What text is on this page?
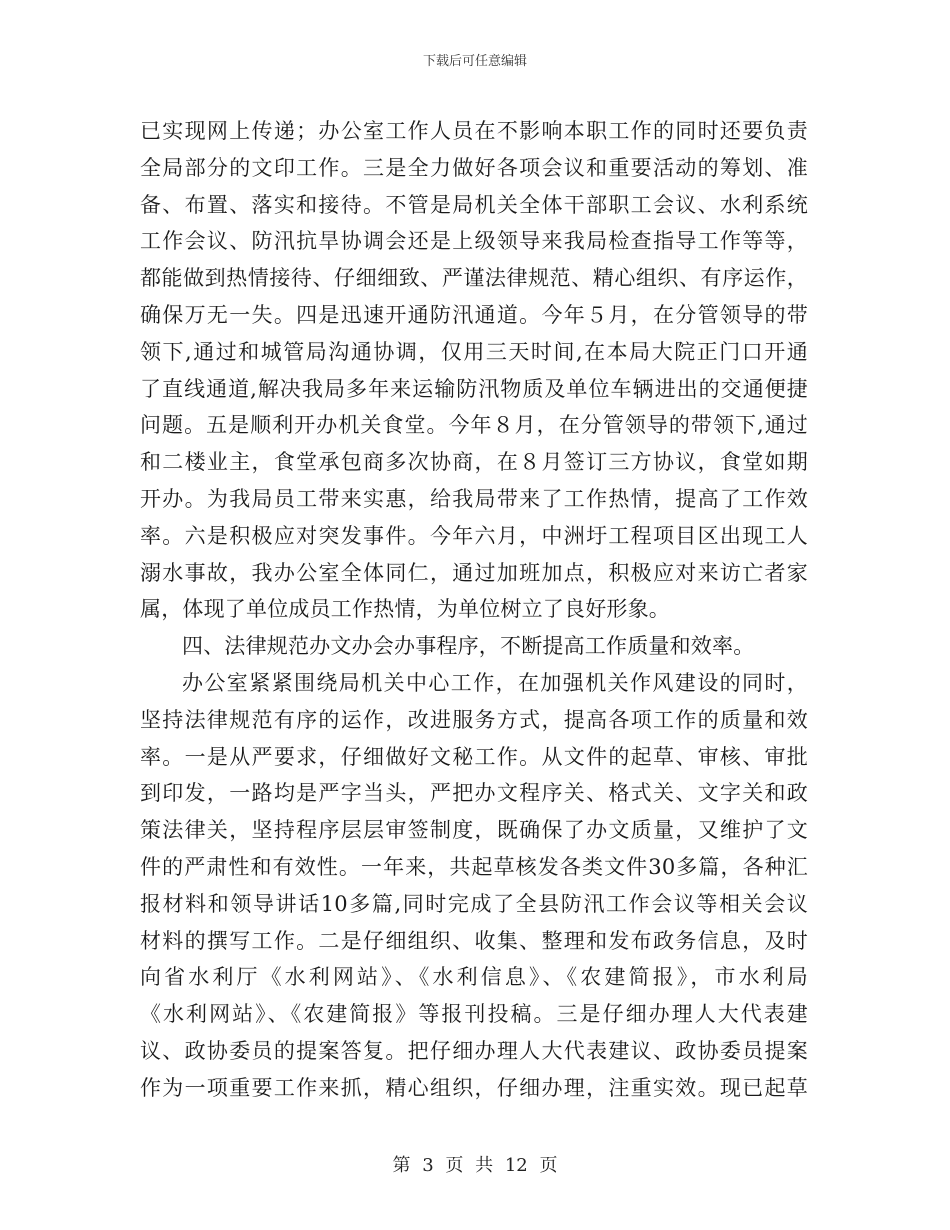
下载后可任意编辑
已实现网上传递；办公室工作人员在不影响本职工作的同时还要负责
全局部分的文印工作。三是全力做好各项会议和重要活动的筹划、准
备、布置、落实和接待。不管是局机关全体干部职工会议、水利系统
工作会议、防汛抗旱协调会还是上级领导来我局检查指导工作等等，
都能做到热情接待、仔细细致、严谨法律规范、精心组织、有序运作，
确保万无一失。四是迅速开通防汛通道。今年５月，在分管领导的带
领下,通过和城管局沟通协调，仅用三天时间,在本局大院正门口开通
了直线通道,解决我局多年来运输防汛物质及单位车辆进出的交通便捷
问题。五是顺利开办机关食堂。今年８月，在分管领导的带领下,通过
和二楼业主，食堂承包商多次协商，在８月签订三方协议，食堂如期
开办。为我局员工带来实惠，给我局带来了工作热情，提高了工作效
率。六是积极应对突发事件。今年六月，中洲圩工程项目区出现工人
溺水事故，我办公室全体同仁，通过加班加点，积极应对来访亡者家
属，体现了单位成员工作热情，为单位树立了良好形象。
四、法律规范办文办会办事程序，不断提高工作质量和效率。
办公室紧紧围绕局机关中心工作，在加强机关作风建设的同时，
坚持法律规范有序的运作，改进服务方式，提高各项工作的质量和效
率。一是从严要求，仔细做好文秘工作。从文件的起草、审核、审批
到印发，一路均是严字当头，严把办文程序关、格式关、文字关和政
策法律关，坚持程序层层审签制度，既确保了办文质量，又维护了文
件的严肃性和有效性。一年来，共起草核发各类文件30多篇，各种汇
报材料和领导讲话10多篇,同时完成了全县防汛工作会议等相关会议
材料的撰写工作。二是仔细组织、收集、整理和发布政务信息，及时
向省水利厅《水利网站》、《水利信息》、《农建简报》，市水利局
《水利网站》、《农建简报》等报刊投稿。三是仔细办理人大代表建
议、政协委员的提案答复。把仔细办理人大代表建议、政协委员提案
作为一项重要工作来抓，精心组织，仔细办理，注重实效。现已起草
第 3 页 共 12 页
